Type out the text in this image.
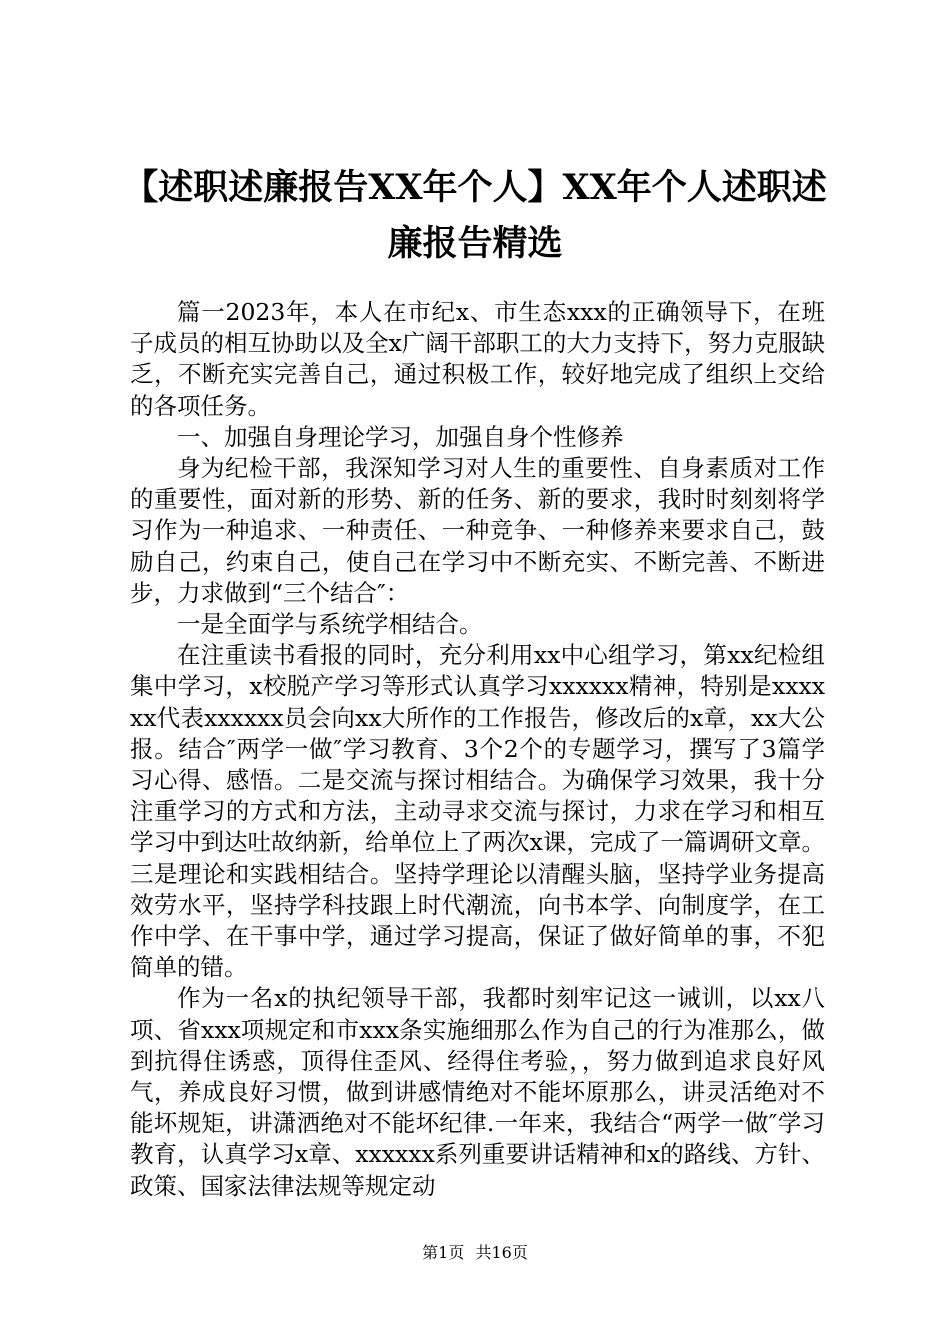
【述职述廉报告XX年个人】XX年个人述职述
廉报告精选

篇一2023年，本人在市纪x、市生态xxx的正确领导下，在班子成员的相互协助以及全x广阔干部职工的大力支持下，努力克服缺乏，不断充实完善自己，通过积极工作，较好地完成了组织上交给的各项任务。

一、加强自身理论学习，加强自身个性修养

身为纪检干部，我深知学习对人生的重要性、自身素质对工作的重要性，面对新的形势、新的任务、新的要求，我时时刻刻将学习作为一种追求、一种责任、一种竞争、一种修养来要求自己，鼓励自己，约束自己，使自己在学习中不断充实、不断完善、不断进步，力求做到“三个结合″：

一是全面学与系统学相结合。

在注重读书看报的同时，充分利用xx中心组学习，第xx纪检组集中学习，x校脱产学习等形式认真学习xxxxxx精神，特别是xxxxxx代表xxxxxx员会向xx大所作的工作报告，修改后的x章，xx大公报。结合″两学一做″学习教育、3个2个的专题学习，撰写了3篇学习心得、感悟。二是交流与探讨相结合。为确保学习效果，我十分注重学习的方式和方法，主动寻求交流与探讨，力求在学习和相互学习中到达吐故纳新，给单位上了两次x课，完成了一篇调研文章。三是理论和实践相结合。坚持学理论以清醒头脑，坚持学业务提高效劳水平，坚持学科技跟上时代潮流，向书本学、向制度学，在工作中学、在干事中学，通过学习提高，保证了做好简单的事，不犯简单的错。

作为一名x的执纪领导干部，我都时刻牢记这一诫训，以xx八项、省xxx项规定和市xxx条实施细那么作为自己的行为准那么，做到抗得住诱惑，顶得住歪风、经得住考验，，努力做到追求良好风气，养成良好习惯，做到讲感情绝对不能坏原那么，讲灵活绝对不能坏规矩，讲潇洒绝对不能坏纪律.一年来，我结合“两学一做″学习教育，认真学习x章、xxxxxx系列重要讲话精神和x的路线、方针、政策、国家法律法规等规定动

第1页 共16页
